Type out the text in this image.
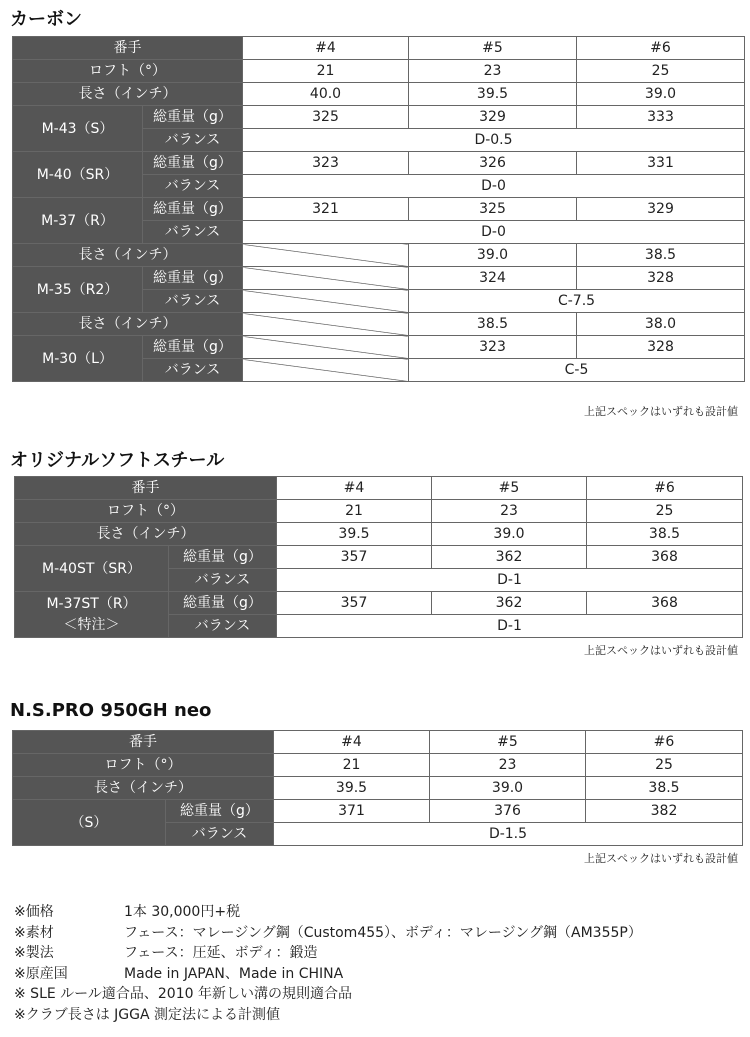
カーボン
番手		#4	#5	#6
ロフト（°）		21	23	25
長さ（インチ）		40.0	39.5	39.0
M-43（S）	総重量（g）	325	329	333
	バランス	D-0.5		
M-40（SR）	総重量（g）	323	326	331
	バランス	D-0		
M-37（R）	総重量（g）	321	325	329
	バランス	D-0		
長さ（インチ）			39.0	38.5
M-35（R2）	総重量（g）		324	328
	バランス		C-7.5	
長さ（インチ）			38.5	38.0
M-30（L）	総重量（g）		323	328
	バランス		C-5	
上記スペックはいずれも設計値
オリジナルソフトスチール
番手		#4	#5	#6
ロフト（°）		21	23	25
長さ（インチ）		39.5	39.0	38.5
M-40ST（SR）	総重量（g）	357	362	368
	バランス	D-1		

M-37ST（R）
＜特注＞	総重量（g）	357	362	368
	バランス	D-1		
上記スペックはいずれも設計値
N.S.PRO 950GH neo
番手		#4	#5	#6
ロフト（°）		21	23	25
長さ（インチ）		39.5	39.0	38.5
（S）	総重量（g）	371	376	382
	バランス	D-1.5		
上記スペックはいずれも設計値
※価格	1本 30,000円+税
※素材	フェース：マレージング鋼（Custom455）、ボディ：マレージング鋼（AM355P）
※製法	フェース：圧延、ボディ：鍛造
※原産国	Made in JAPAN、Made in CHINA
※ SLE ルール適合品、2010 年新しい溝の規則適合品
※クラブ長さは JGGA 測定法による計測値
